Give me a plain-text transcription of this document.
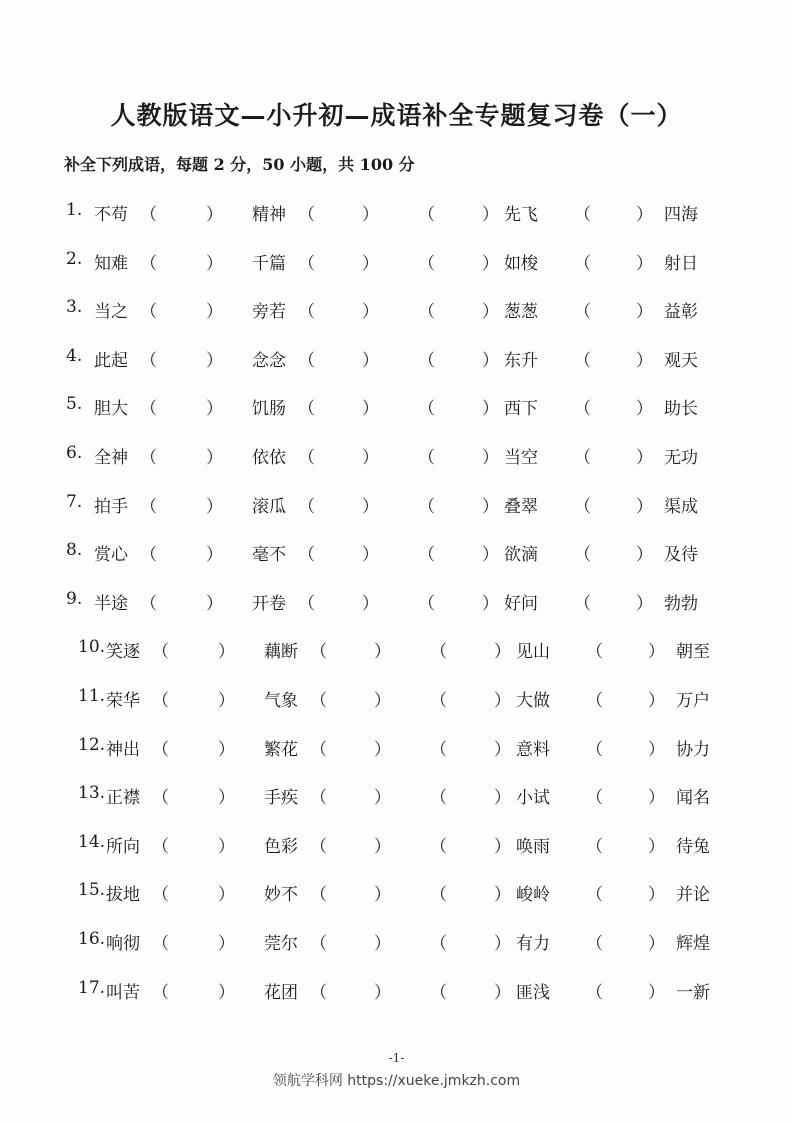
人教版语文—小升初—成语补全专题复习卷（一）
补全下列成语，每题 2 分，50 小题，共 100 分
1. 不苟 （	） 精神 （	） （	） 先飞 （	） 四海
2. 知难 （	） 千篇 （	） （	） 如梭 （	） 射日
3. 当之 （	） 旁若 （	） （	） 葱葱 （	） 益彰
4. 此起 （	） 念念 （	） （	） 东升 （	） 观天
5. 胆大 （	） 饥肠 （	） （	） 西下 （	） 助长
6. 全神 （	） 依依 （	） （	） 当空 （	） 无功
7. 拍手 （	） 滚瓜 （	） （	） 叠翠 （	） 渠成
8. 赏心 （	） 毫不 （	） （	） 欲滴 （	） 及待
9. 半途 （	） 开卷 （	） （	） 好问 （	） 勃勃
10. 笑逐 （	） 藕断 （	） （	） 见山 （	） 朝至
11. 荣华 （	） 气象 （	） （	） 大做 （	） 万户
12. 神出 （	） 繁花 （	） （	） 意料 （	） 协力
13. 正襟 （	） 手疾 （	） （	） 小试 （	） 闻名
14. 所向 （	） 色彩 （	） （	） 唤雨 （	） 待兔
15. 拔地 （	） 妙不 （	） （	） 峻岭 （	） 并论
16. 响彻 （	） 莞尔 （	） （	） 有力 （	） 辉煌
17. 叫苦 （	） 花团 （	） （	） 匪浅 （	） 一新
-1-
领航学科网 https://xueke.jmkzh.com
